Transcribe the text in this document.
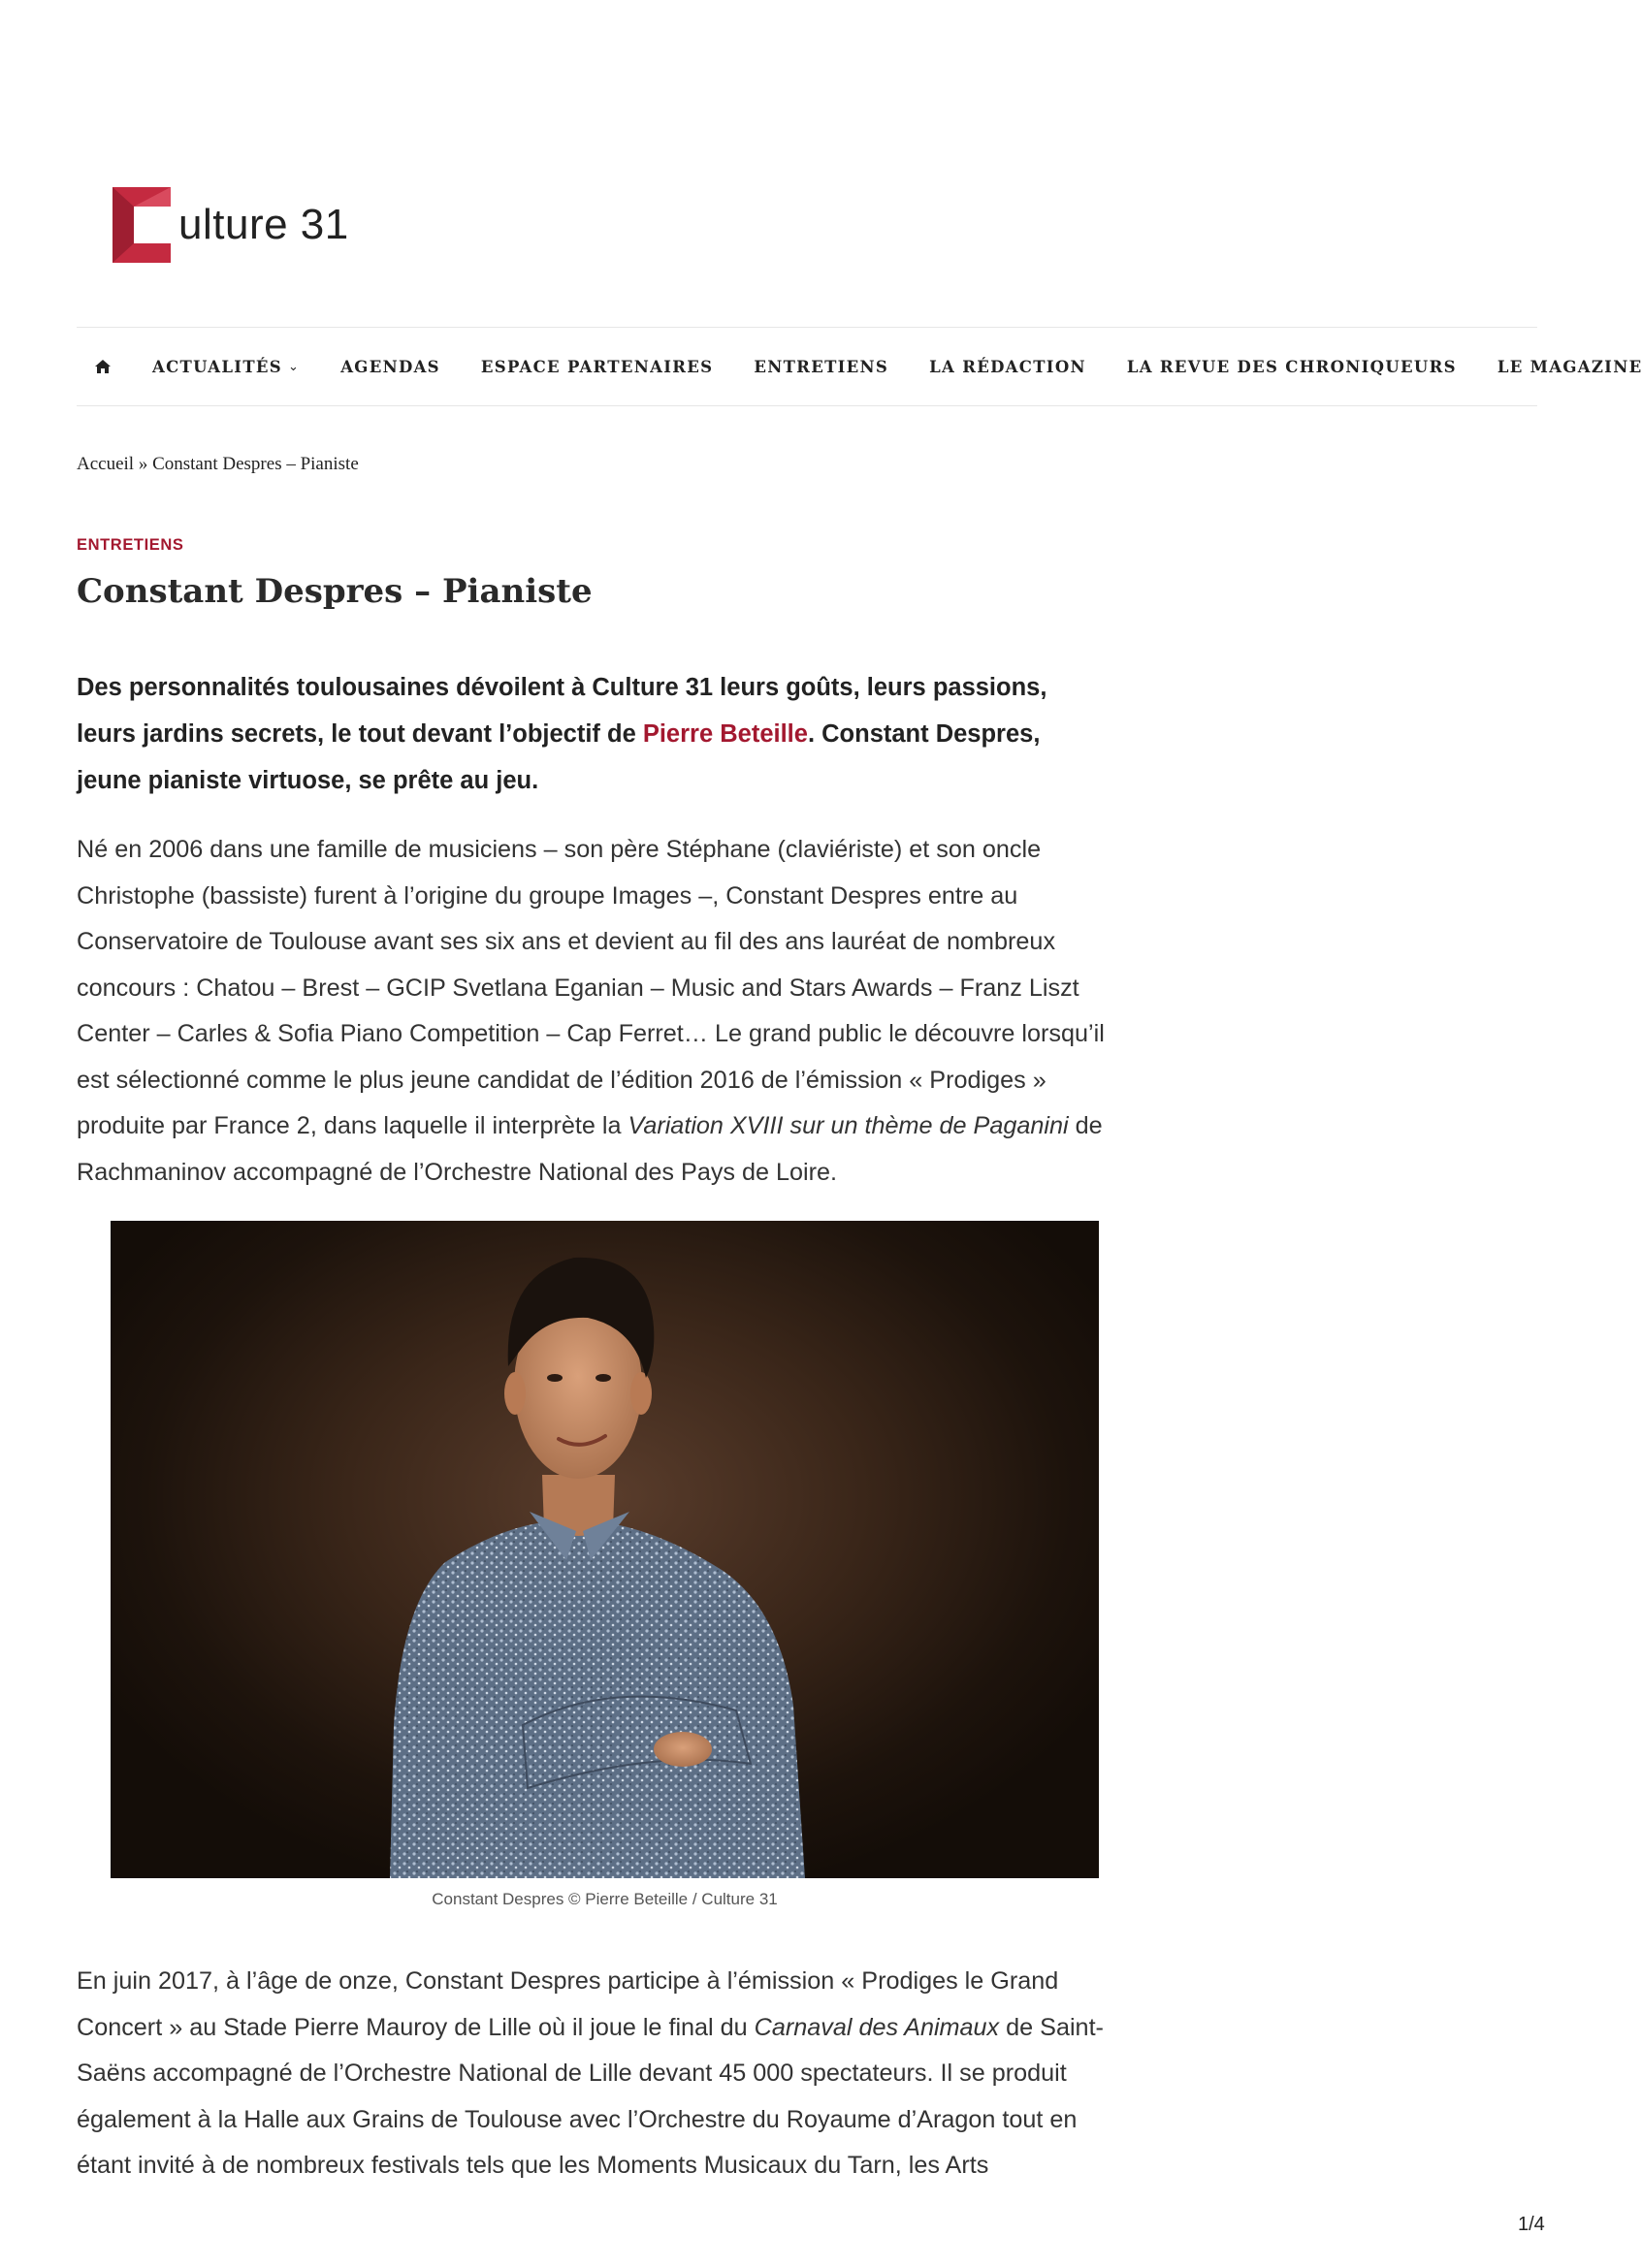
ulture 31
ACTUALITÉS ⌄	AGENDAS	ESPACE PARTENAIRES	ENTRETIENS	LA RÉDACTION	LA REVUE DES CHRONIQUEURS	LE MAGAZINE
Accueil » Constant Despres – Pianiste
ENTRETIENS
Constant Despres – Pianiste

Des personnalités toulousaines dévoilent à Culture 31 leurs goûts, leurs passions, leurs jardins secrets, le tout devant l’objectif de Pierre Beteille. Constant Despres, jeune pianiste virtuose, se prête au jeu.

Né en 2006 dans une famille de musiciens – son père Stéphane (claviériste) et son oncle Christophe (bassiste) furent à l’origine du groupe Images –, Constant Despres entre au Conservatoire de Toulouse avant ses six ans et devient au fil des ans lauréat de nombreux concours : Chatou – Brest – GCIP Svetlana Eganian – Music and Stars Awards – Franz Liszt Center – Carles & Sofia Piano Competition – Cap Ferret… Le grand public le découvre lorsqu’il est sélectionné comme le plus jeune candidat de l’édition 2016 de l’émission « Prodiges » produite par France 2, dans laquelle il interprète la Variation XVIII sur un thème de Paganini de Rachmaninov accompagné de l’Orchestre National des Pays de Loire.

Constant Despres © Pierre Beteille / Culture 31

En juin 2017, à l’âge de onze, Constant Despres participe à l’émission « Prodiges le Grand Concert » au Stade Pierre Mauroy de Lille où il joue le final du Carnaval des Animaux de Saint-Saëns accompagné de l’Orchestre National de Lille devant 45 000 spectateurs. Il se produit également à la Halle aux Grains de Toulouse avec l’Orchestre du Royaume d’Aragon tout en étant invité à de nombreux festivals tels que les Moments Musicaux du Tarn, les Arts

1/4
